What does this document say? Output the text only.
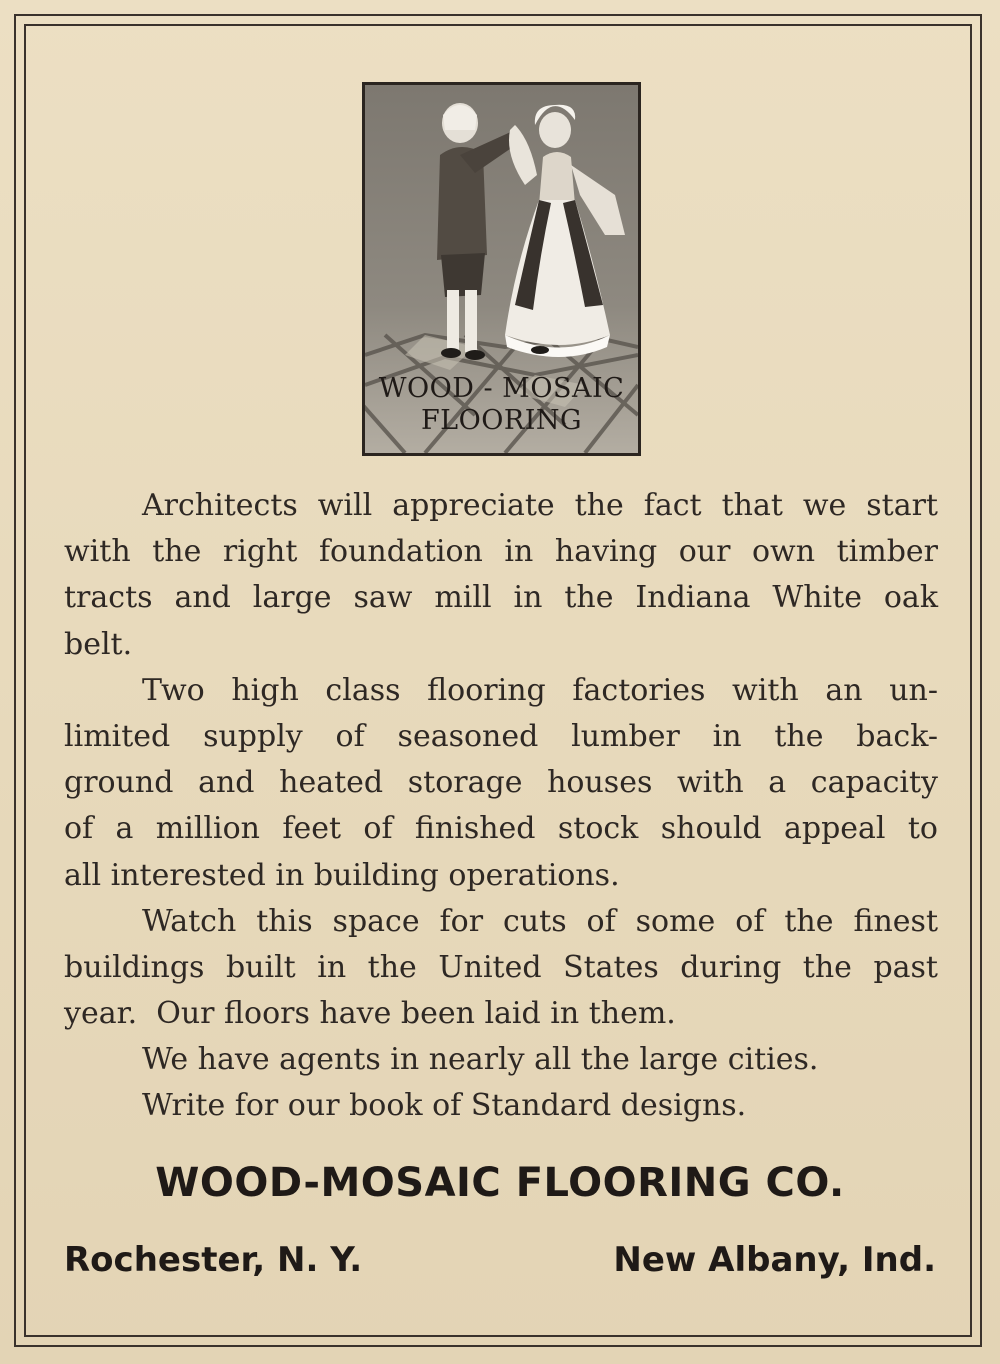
WOOD - MOSAIC
FLOORING
Architects will appreciate the fact that we start
with the right foundation in having our own timber
tracts and large saw mill in the Indiana White oak
belt.
Two high class flooring factories with an un-
limited supply of seasoned lumber in the back-
ground and heated storage houses with a capacity
of a million feet of finished stock should appeal to
all interested in building operations.
Watch this space for cuts of some of the finest
buildings built in the United States during the past
year.  Our floors have been laid in them.
We have agents in nearly all the large cities.
Write for our book of Standard designs.
WOOD-MOSAIC FLOORING CO.
Rochester, N. Y.	New Albany, Ind.
